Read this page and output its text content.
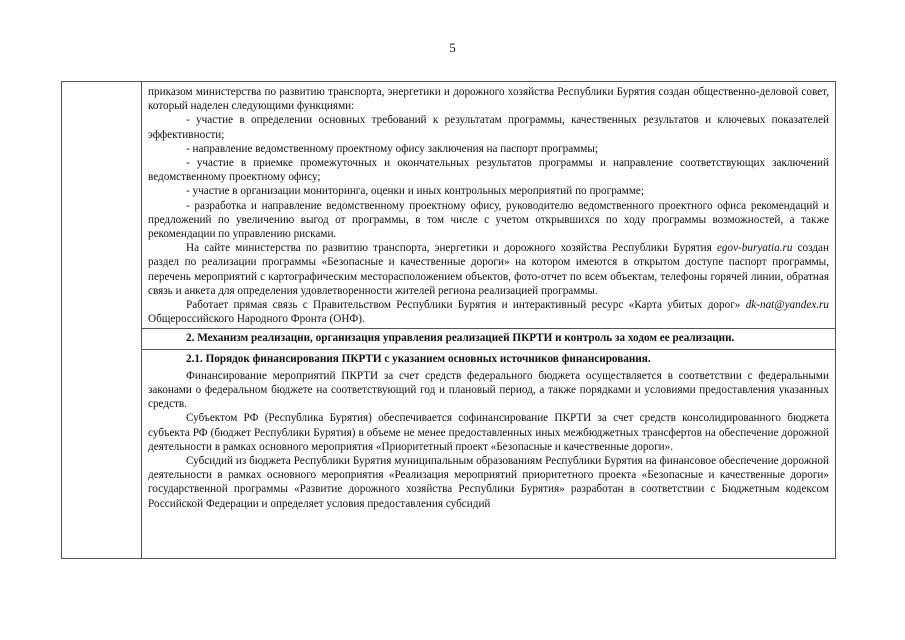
5

приказом министерства по развитию транспорта, энергетики и дорожного хозяйства Республики Бурятия создан общественно-деловой совет, который наделен следующими функциями:

- участие в определении основных требований к результатам программы, качественных результатов и ключевых показателей эффективности;

- направление ведомственному проектному офису заключения на паспорт программы;

- участие в приемке промежуточных и окончательных результатов программы и направление соответствующих заключений ведомственному проектному офису;

- участие в организации мониторинга, оценки и иных контрольных мероприятий по программе;

- разработка и направление ведомственному проектному офису, руководителю ведомственного проектного офиса рекомендаций и предложений по увеличению выгод от программы, в том числе с учетом открывшихся по ходу программы возможностей, а также рекомендации по управлению рисками.

На сайте министерства по развитию транспорта, энергетики и дорожного хозяйства Республики Бурятия egov-buryatia.ru создан раздел по реализации программы «Безопасные и качественные дороги» на котором имеются в открытом доступе паспорт программы, перечень мероприятий с картографическим месторасположением объектов, фото-отчет по всем объектам, телефоны горячей линии, обратная связь и анкета для определения удовлетворенности жителей региона реализацией программы.

Работает прямая связь с Правительством Республики Бурятия и интерактивный ресурс «Карта убитых дорог» dk-nat@yandex.ru Общероссийского Народного Фронта (ОНФ).

2. Механизм реализации, организация управления реализацией ПКРТИ и контроль за ходом ее реализации.

2.1. Порядок финансирования ПКРТИ с указанием основных источников финансирования.

Финансирование мероприятий ПКРТИ за счет средств федерального бюджета осуществляется в соответствии с федеральными законами о федеральном бюджете на соответствующий год и плановый период, а также порядками и условиями предоставления указанных средств.

Субъектом РФ (Республика Бурятия) обеспечивается софинансирование ПКРТИ за счет средств консолидированного бюджета субъекта РФ (бюджет Республики Бурятия) в объеме не менее предоставленных иных межбюджетных трансфертов на обеспечение дорожной деятельности в рамках основного мероприятия «Приоритетный проект «Безопасные и качественные дороги».

Субсидий из бюджета Республики Бурятия муниципальным образованиям Республики Бурятия на финансовое обеспечение дорожной деятельности в рамках основного мероприятия «Реализация мероприятий приоритетного проекта «Безопасные и качественные дороги» государственной программы «Развитие дорожного хозяйства Республики Бурятия» разработан в соответствии с Бюджетным кодексом Российской Федерации и определяет условия предоставления субсидий
